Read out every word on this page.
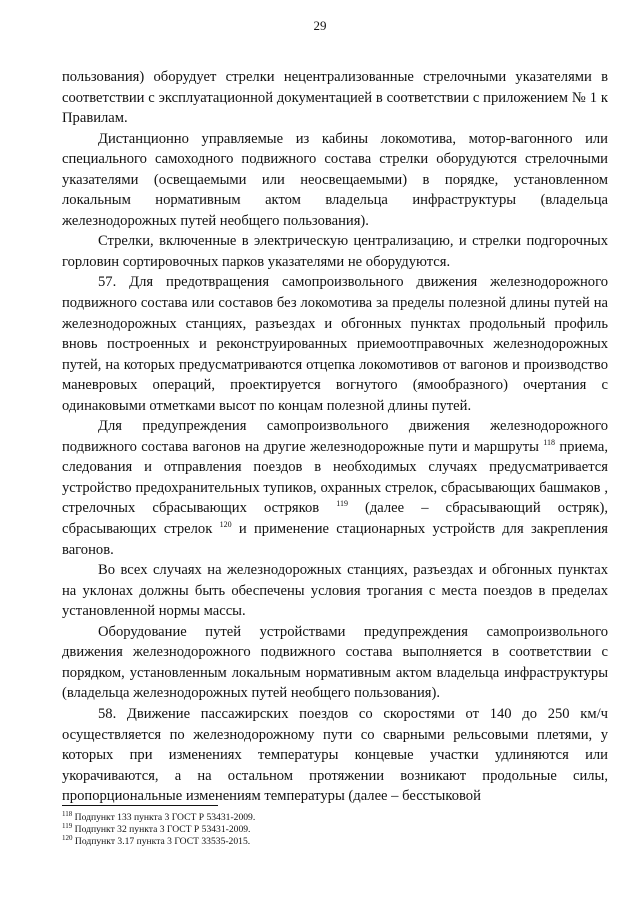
29

пользования) оборудует стрелки нецентрализованные стрелочными указателями в соответствии с эксплуатационной документацией в соответствии с приложением № 1 к Правилам.

Дистанционно управляемые из кабины локомотива, мотор-вагонного или специального самоходного подвижного состава стрелки оборудуются стрелочными указателями (освещаемыми или неосвещаемыми) в порядке, установленном локальным нормативным актом владельца инфраструктуры (владельца железнодорожных путей необщего пользования).

Стрелки, включенные в электрическую централизацию, и стрелки подгорочных горловин сортировочных парков указателями не оборудуются.

57. Для предотвращения самопроизвольного движения железнодорожного подвижного состава или составов без локомотива за пределы полезной длины путей на железнодорожных станциях, разъездах и обгонных пунктах продольный профиль вновь построенных и реконструированных приемоотправочных железнодорожных путей, на которых предусматриваются отцепка локомотивов от вагонов и производство маневровых операций, проектируется вогнутого (ямообразного) очертания с одинаковыми отметками высот по концам полезной длины путей.

Для предупреждения самопроизвольного движения железнодорожного подвижного состава вагонов на другие железнодорожные пути и маршруты $^{118}$ приема, следования и отправления поездов в необходимых случаях предусматривается устройство предохранительных тупиков, охранных стрелок, сбрасывающих башмаков , стрелочных сбрасывающих остряков $^{119}$ (далее – сбрасывающий остряк), сбрасывающих стрелок $^{120}$ и применение стационарных устройств для закрепления вагонов.

Во всех случаях на железнодорожных станциях, разъездах и обгонных пунктах на уклонах должны быть обеспечены условия трогания с места поездов в пределах установленной нормы массы.

Оборудование путей устройствами предупреждения самопроизвольного движения железнодорожного подвижного состава выполняется в соответствии с порядком, установленным локальным нормативным актом владельца инфраструктуры (владельца железнодорожных путей необщего пользования).

58. Движение пассажирских поездов со скоростями от 140 до 250 км/ч осуществляется по железнодорожному пути со сварными рельсовыми плетями, у которых при изменениях температуры концевые участки удлиняются или укорачиваются, а на остальном протяжении возникают продольные силы, пропорциональные изменениям температуры (далее – бесстыковой

$^{118}$ Подпункт 133 пункта 3 ГОСТ Р 53431-2009.
$^{119}$ Подпункт 32 пункта 3 ГОСТ Р 53431-2009.
$^{120}$ Подпункт 3.17 пункта 3 ГОСТ 33535-2015.
